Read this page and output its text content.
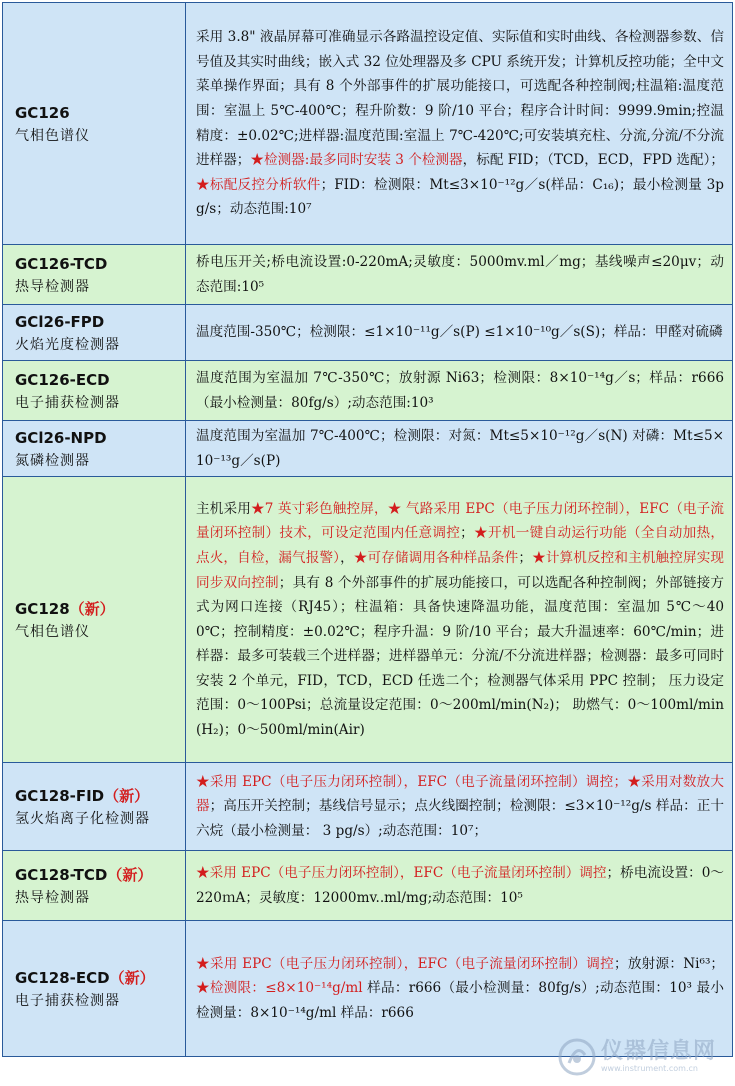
GC126
气相色谱仪	采用 3.8" 液晶屏幕可准确显示各路温控设定值、实际值和实时曲线、各检测器参数、信号值及其实时曲线；嵌入式 32 位处理器及多 CPU 系统开发；计算机反控功能；全中文菜单操作界面；具有 8 个外部事件的扩展功能接口，可选配各种控制阀;柱温箱:温度范围：室温上 5℃-400℃；程升阶数：9 阶/10 平台；程序合计时间：9999.9min;控温精度：±0.02℃;进样器:温度范围:室温上 7℃-420℃;可安装填充柱、分流,分流/不分流进样器；★检测器:最多同时安装 3 个检测器，标配 FID；（TCD，ECD，FPD 选配）；★标配反控分析软件；FID：检测限：Mt≤3×10⁻¹²g／s(样品：C₁₆)；最小检测量 3pg/s；动态范围:10⁷

GC126-TCD
热导检测器	桥电压开关;桥电流设置:0-220mA;灵敏度：5000mv.ml／mg；基线噪声≤20μv；动态范围:10⁵

GCl26-FPD
火焰光度检测器	温度范围-350℃；检测限：≤1×10⁻¹¹g／s(P) ≤1×10⁻¹⁰g／s(S)；样品：甲醛对硫磷

GC126-ECD
电子捕获检测器	温度范围为室温加 7℃-350℃；放射源 Ni63；检测限：8×10⁻¹⁴g／s；样品：r666（最小检测量：80fg/s）;动态范围:10³

GCl26-NPD
氮磷检测器	温度范围为室温加 7℃-400℃；检测限：对氮：Mt≤5×10⁻¹²g／s(N) 对磷：Mt≤5×10⁻¹³g／s(P)

GC128（新）
气相色谱仪	主机采用★7 英寸彩色触控屏，★ 气路采用 EPC（电子压力闭环控制），EFC（电子流量闭环控制）技术，可设定范围内任意调控；★开机一键自动运行功能（全自动加热，点火，自检，漏气报警），★可存储调用各种样品条件；★计算机反控和主机触控屏实现同步双向控制；具有 8 个外部事件的扩展功能接口，可以选配各种控制阀；外部链接方式为网口连接（RJ45）；柱温箱：具备快速降温功能，温度范围：室温加 5℃～400℃；控制精度：±0.02℃；程序升温：9 阶/10 平台；最大升温速率：60℃/min；进样器：最多可装载三个进样器；进样器单元：分流/不分流进样器；检测器：最多可同时安装 2 个单元，FID，TCD，ECD 任选二个；检测器气体采用 PPC 控制； 压力设定范围：0～100Psi；总流量设定范围：0～200ml/min(N₂)； 助燃气：0～100ml/min(H₂)；0～500ml/min(Air)

GC128-FID（新）
氢火焰离子化检测器	★采用 EPC（电子压力闭环控制），EFC（电子流量闭环控制）调控；★采用对数放大器；高压开关控制；基线信号显示；点火线圈控制；检测限：≤3×10⁻¹²g/s 样品：正十六烷（最小检测量： 3 pg/s）;动态范围：10⁷；

GC128-TCD（新）
热导检测器	★采用 EPC（电子压力闭环控制），EFC（电子流量闭环控制）调控；桥电流设置：0～220ｍA；灵敏度：12000mv..ml/mg;动态范围：10⁵

GC128-ECD（新）
电子捕获检测器	★采用 EPC（电子压力闭环控制），EFC（电子流量闭环控制）调控；放射源：Ni⁶³；★检测限：≤8×10⁻¹⁴g/ml 样品：r666（最小检测量：80fg/s）;动态范围：10³ 最小检测量：8×10⁻¹⁴g/ml 样品：r666
仪器信息网
www.instrument.com.cn
